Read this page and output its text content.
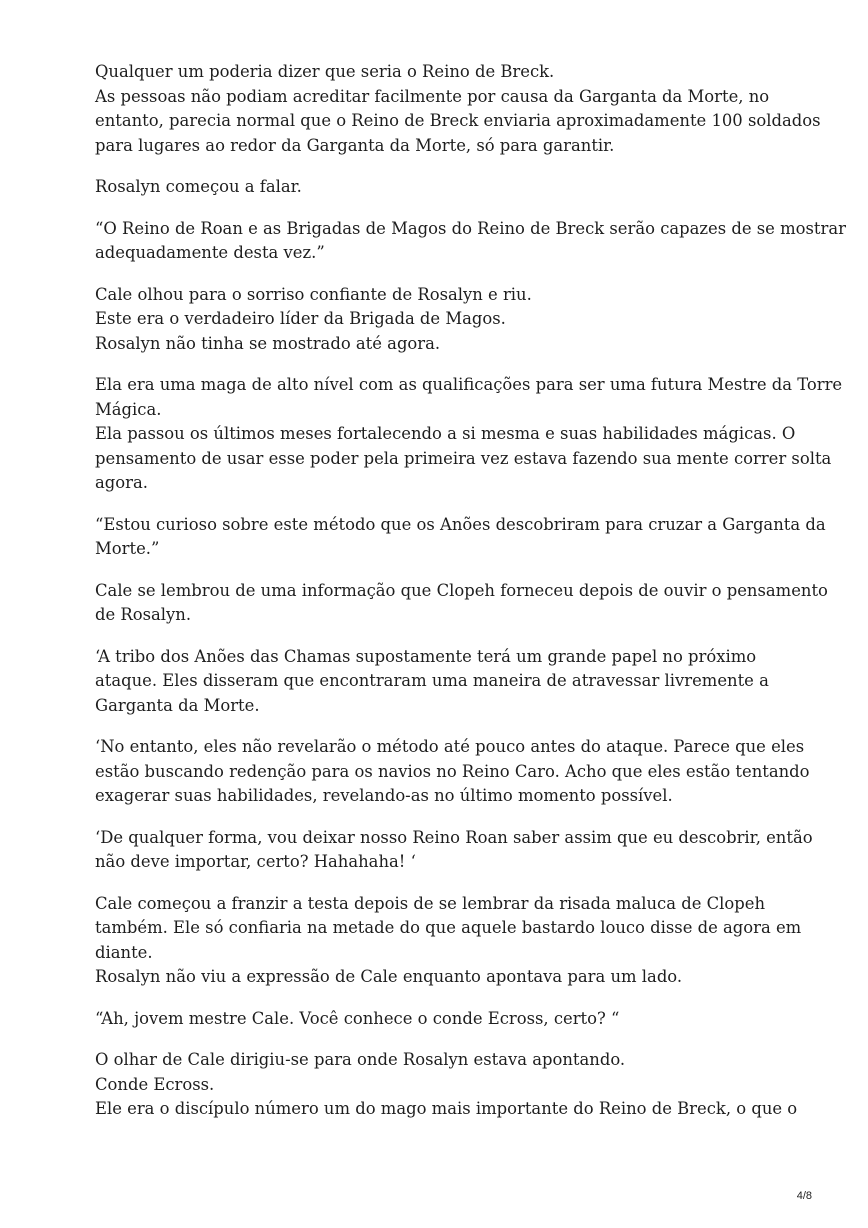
Qualquer um poderia dizer que seria o Reino de Breck.
As pessoas não podiam acreditar facilmente por causa da Garganta da Morte, no
entanto, parecia normal que o Reino de Breck enviaria aproximadamente 100 soldados
para lugares ao redor da Garganta da Morte, só para garantir.

Rosalyn começou a falar.

“O Reino de Roan e as Brigadas de Magos do Reino de Breck serão capazes de se mostrar
adequadamente desta vez.”

Cale olhou para o sorriso confiante de Rosalyn e riu.
Este era o verdadeiro líder da Brigada de Magos.
Rosalyn não tinha se mostrado até agora.

Ela era uma maga de alto nível com as qualificações para ser uma futura Mestre da Torre
Mágica.
Ela passou os últimos meses fortalecendo a si mesma e suas habilidades mágicas. O
pensamento de usar esse poder pela primeira vez estava fazendo sua mente correr solta
agora.

“Estou curioso sobre este método que os Anões descobriram para cruzar a Garganta da
Morte.”

Cale se lembrou de uma informação que Clopeh forneceu depois de ouvir o pensamento
de Rosalyn.

‘A tribo dos Anões das Chamas supostamente terá um grande papel no próximo
ataque. Eles disseram que encontraram uma maneira de atravessar livremente a
Garganta da Morte.

‘No entanto, eles não revelarão o método até pouco antes do ataque. Parece que eles
estão buscando redenção para os navios no Reino Caro. Acho que eles estão tentando
exagerar suas habilidades, revelando-as no último momento possível.

‘De qualquer forma, vou deixar nosso Reino Roan saber assim que eu descobrir, então
não deve importar, certo? Hahahaha! ‘

Cale começou a franzir a testa depois de se lembrar da risada maluca de Clopeh
também. Ele só confiaria na metade do que aquele bastardo louco disse de agora em
diante.
Rosalyn não viu a expressão de Cale enquanto apontava para um lado.

“Ah, jovem mestre Cale. Você conhece o conde Ecross, certo? “

O olhar de Cale dirigiu-se para onde Rosalyn estava apontando.
Conde Ecross.
Ele era o discípulo número um do mago mais importante do Reino de Breck, o que o

4/8
